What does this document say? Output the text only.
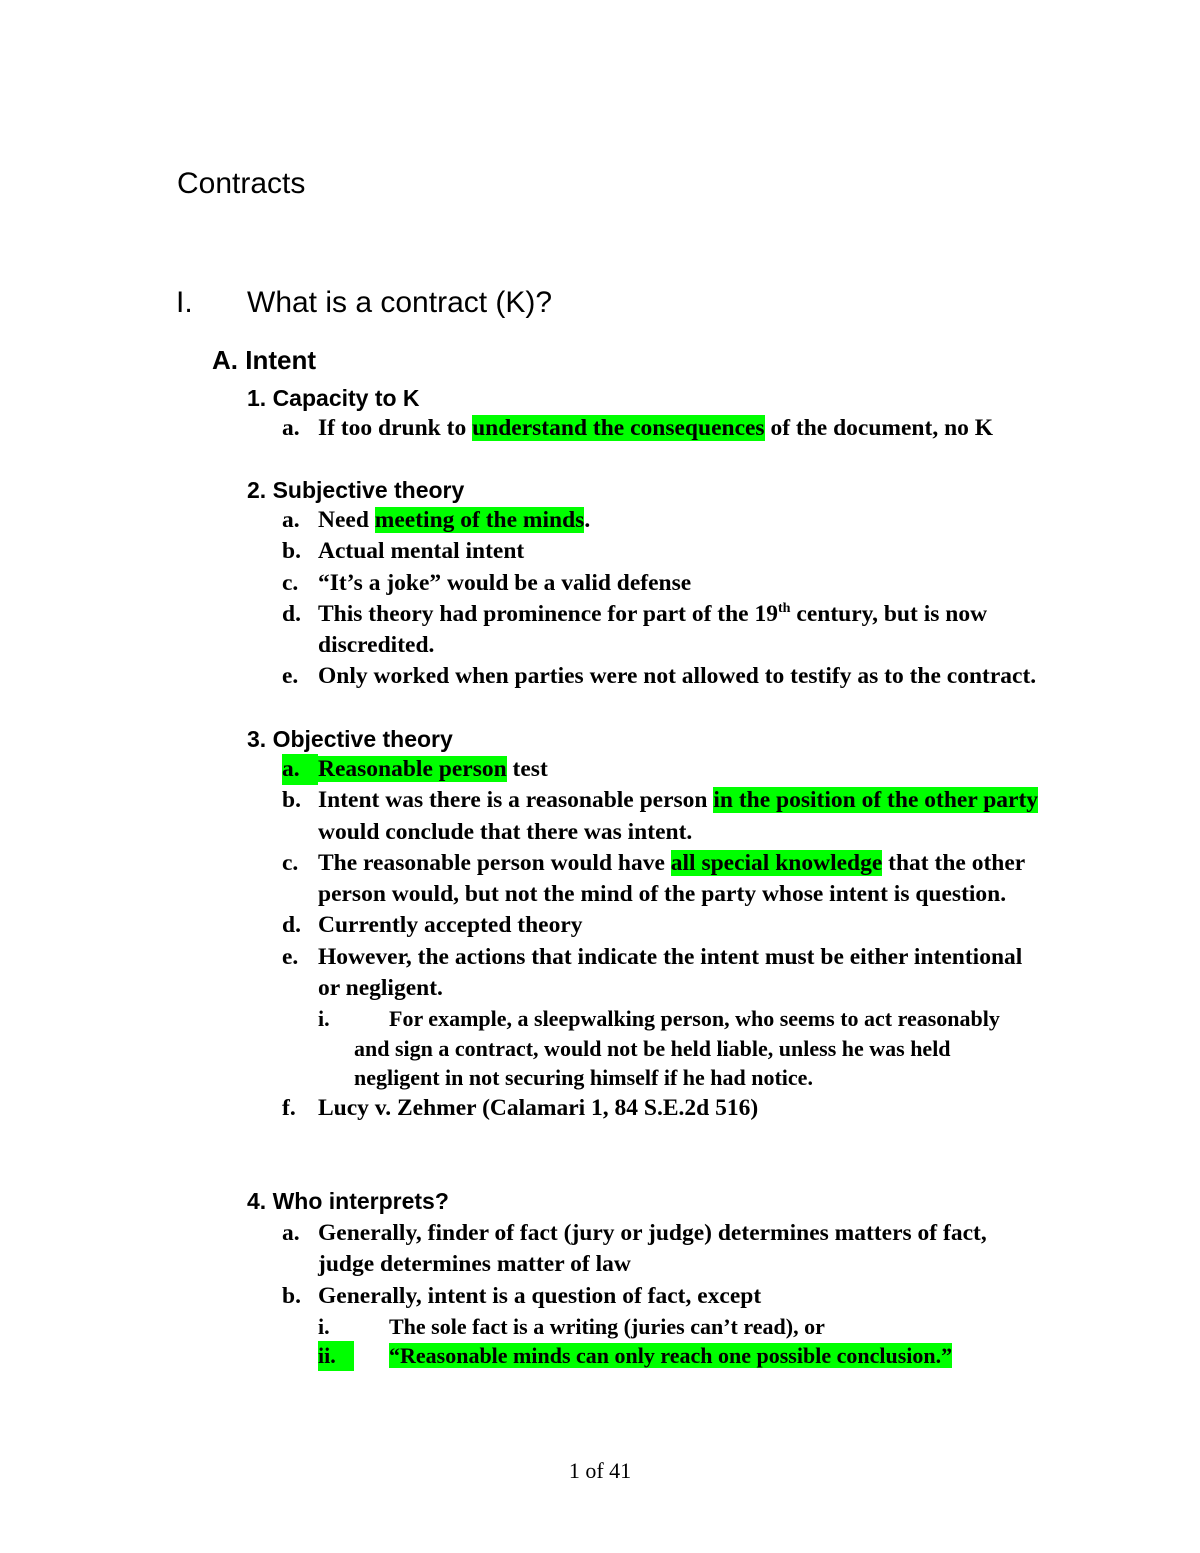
Contracts
I. What is a contract (K)?
A. Intent
1. Capacity to K
a. If too drunk to understand the consequences of the document, no K
2. Subjective theory
a. Need meeting of the minds.
b. Actual mental intent
c. “It’s a joke” would be a valid defense
d. This theory had prominence for part of the 19th century, but is now discredited.
e. Only worked when parties were not allowed to testify as to the contract.
3. Objective theory
a. Reasonable person test
b. Intent was there is a reasonable person in the position of the other party would conclude that there was intent.
c. The reasonable person would have all special knowledge that the other person would, but not the mind of the party whose intent is question.
d. Currently accepted theory
e. However, the actions that indicate the intent must be either intentional or negligent.
i.	For example, a sleepwalking person, who seems to act reasonably and sign a contract, would not be held liable, unless he was held negligent in not securing himself if he had notice.
f. Lucy v. Zehmer (Calamari 1, 84 S.E.2d 516)
4. Who interprets?
a. Generally, finder of fact (jury or judge) determines matters of fact, judge determines matter of law
b. Generally, intent is a question of fact, except
i.	The sole fact is a writing (juries can’t read), or
ii.	“Reasonable minds can only reach one possible conclusion.”
1 of 41
